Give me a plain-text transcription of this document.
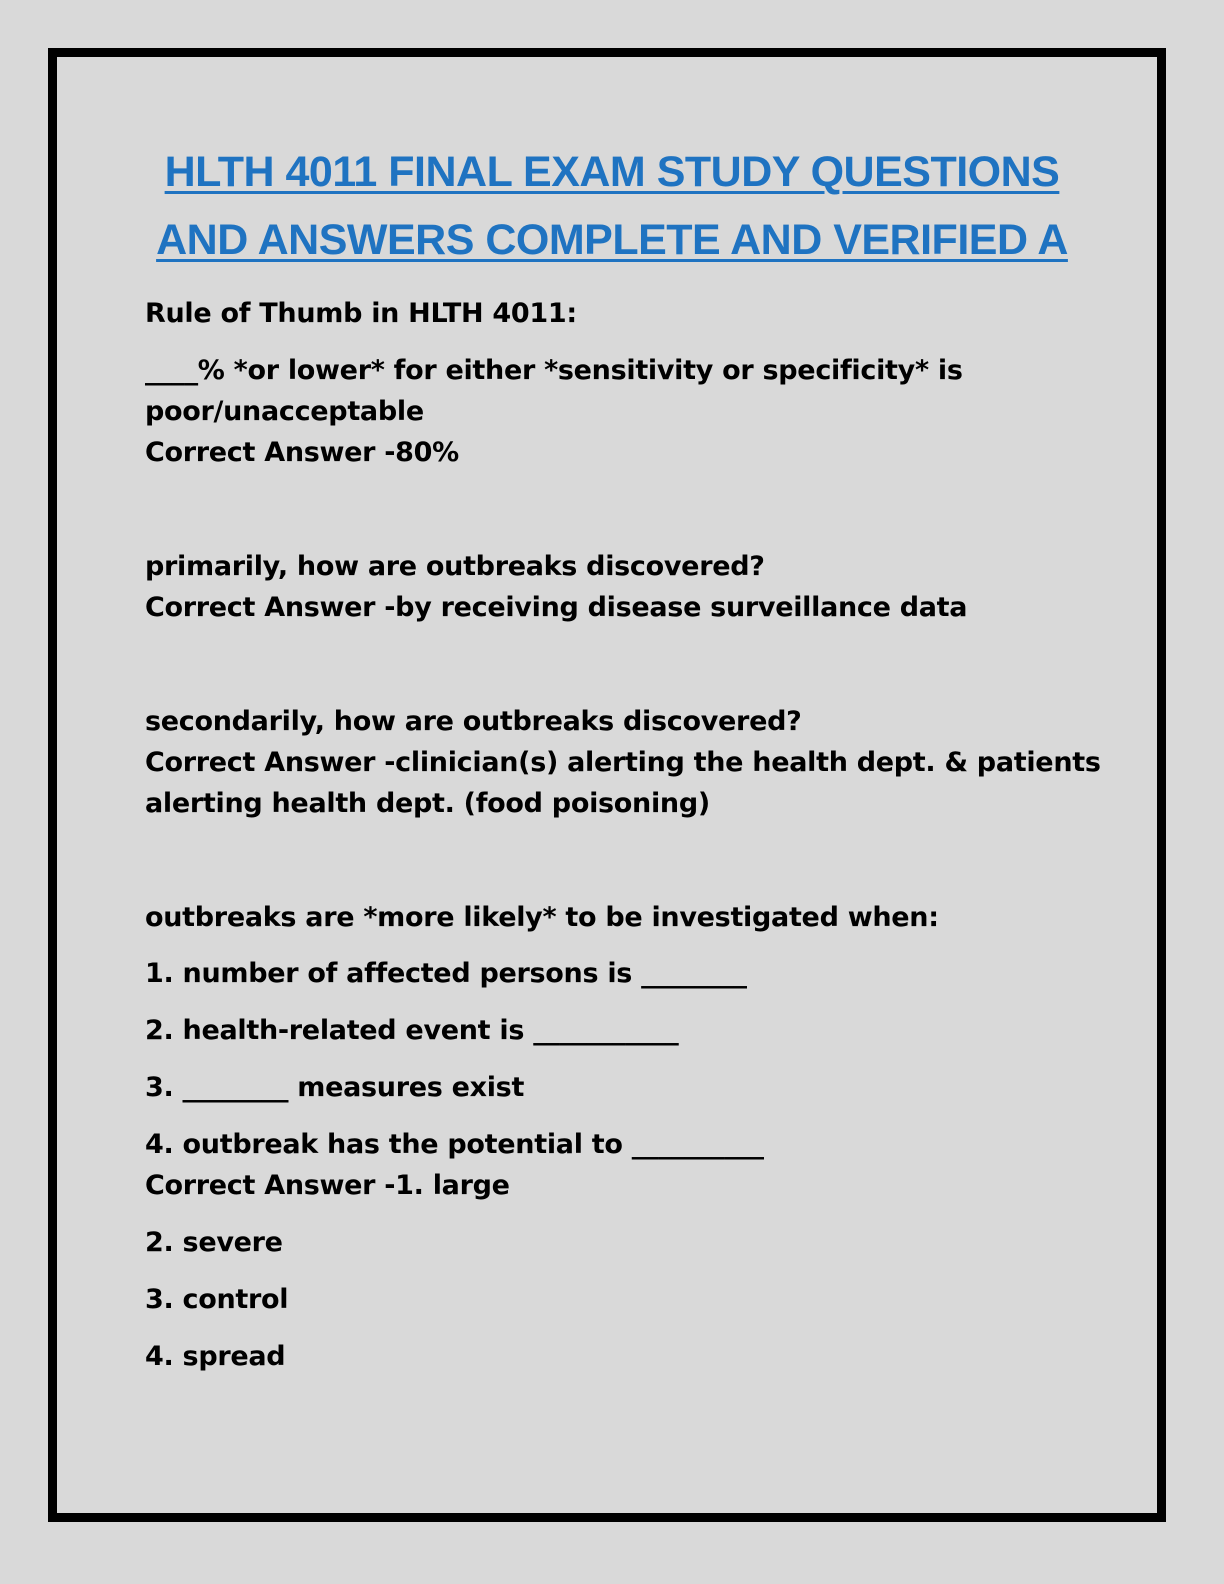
HLTH 4011 FINAL EXAM STUDY QUESTIONS
AND ANSWERS COMPLETE AND VERIFIED A
Rule of Thumb in HLTH 4011:
____% *or lower* for either *sensitivity or specificity* is
poor/unacceptable
Correct Answer -80%
primarily, how are outbreaks discovered?
Correct Answer -by receiving disease surveillance data
secondarily, how are outbreaks discovered?
Correct Answer -clinician(s) alerting the health dept. & patients
alerting health dept. (food poisoning)
outbreaks are *more likely* to be investigated when:
1. number of affected persons is ________
2. health-related event is ___________
3. ________ measures exist
4. outbreak has the potential to __________
Correct Answer -1. large
2. severe
3. control
4. spread
